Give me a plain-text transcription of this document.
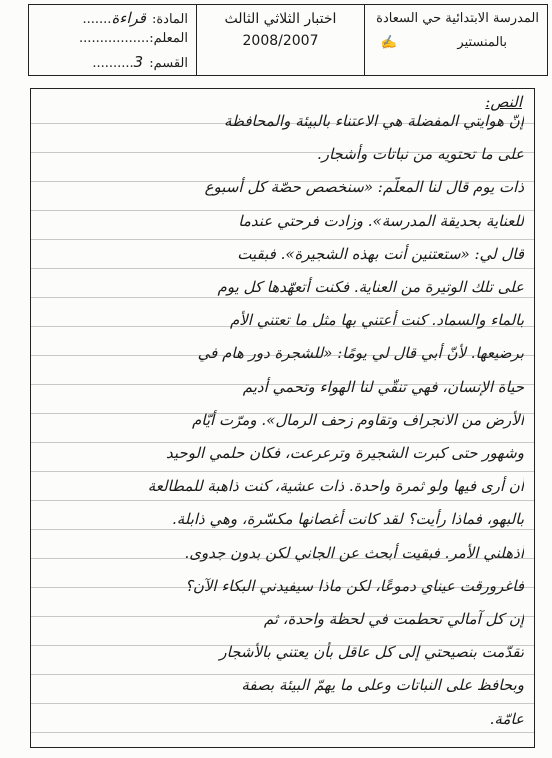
المادة:قراءة.......
المعلم:.................
القسم:3..........
اختبار الثلاثي الثالث
2008/2007
المدرسة الابتدائية حي السعادة
بالمنستير
✍
النص:
إنّ هوايتي المفضلة هي الاعتناء بالبيئة والمحافظة
على ما تحتويه من نباتات وأشجار.
ذات يوم قال لنا المعلّم: «سنخصص حصّة كل أسبوع
للعناية بحديقة المدرسة». وزادت فرحتي عندما
قال لي: «ستعتنين أنت بهذه الشجيرة». فبقيت
على تلك الوتيرة من العناية. فكنت أتعهّدها كل يوم
بالماء والسماد. كنت أعتني بها مثل ما تعتني الأم
برضيعها. لأنّ أبي قال لي يومًا: «للشجرة دور هام في
حياة الإنسان، فهي تنقّي لنا الهواء وتحمي أديم
الأرض من الانجراف وتقاوم زحف الرمال». ومرّت أيّام
وشهور حتى كبرت الشجيرة وترعرعت، فكان حلمي الوحيد
أن أرى فيها ولو ثمرة واحدة. ذات عشية، كنت ذاهبة للمطالعة
بالبهو، فماذا رأيت؟ لقد كانت أغصانها مكسّرة، وهي ذابلة.
أذهلني الأمر. فبقيت أبحث عن الجاني لكن بدون جدوى.
فاغرورقت عيناي دموعًا، لكن ماذا سيفيدني البكاء الآن؟
إن كل آمالي تحطمت في لحظة واحدة، ثم
تقدّمت بنصيحتي إلى كل عاقل بأن يعتني بالأشجار
وبحافظ على النباتات وعلى ما يهمّ البيئة بصفة
عامّة.
